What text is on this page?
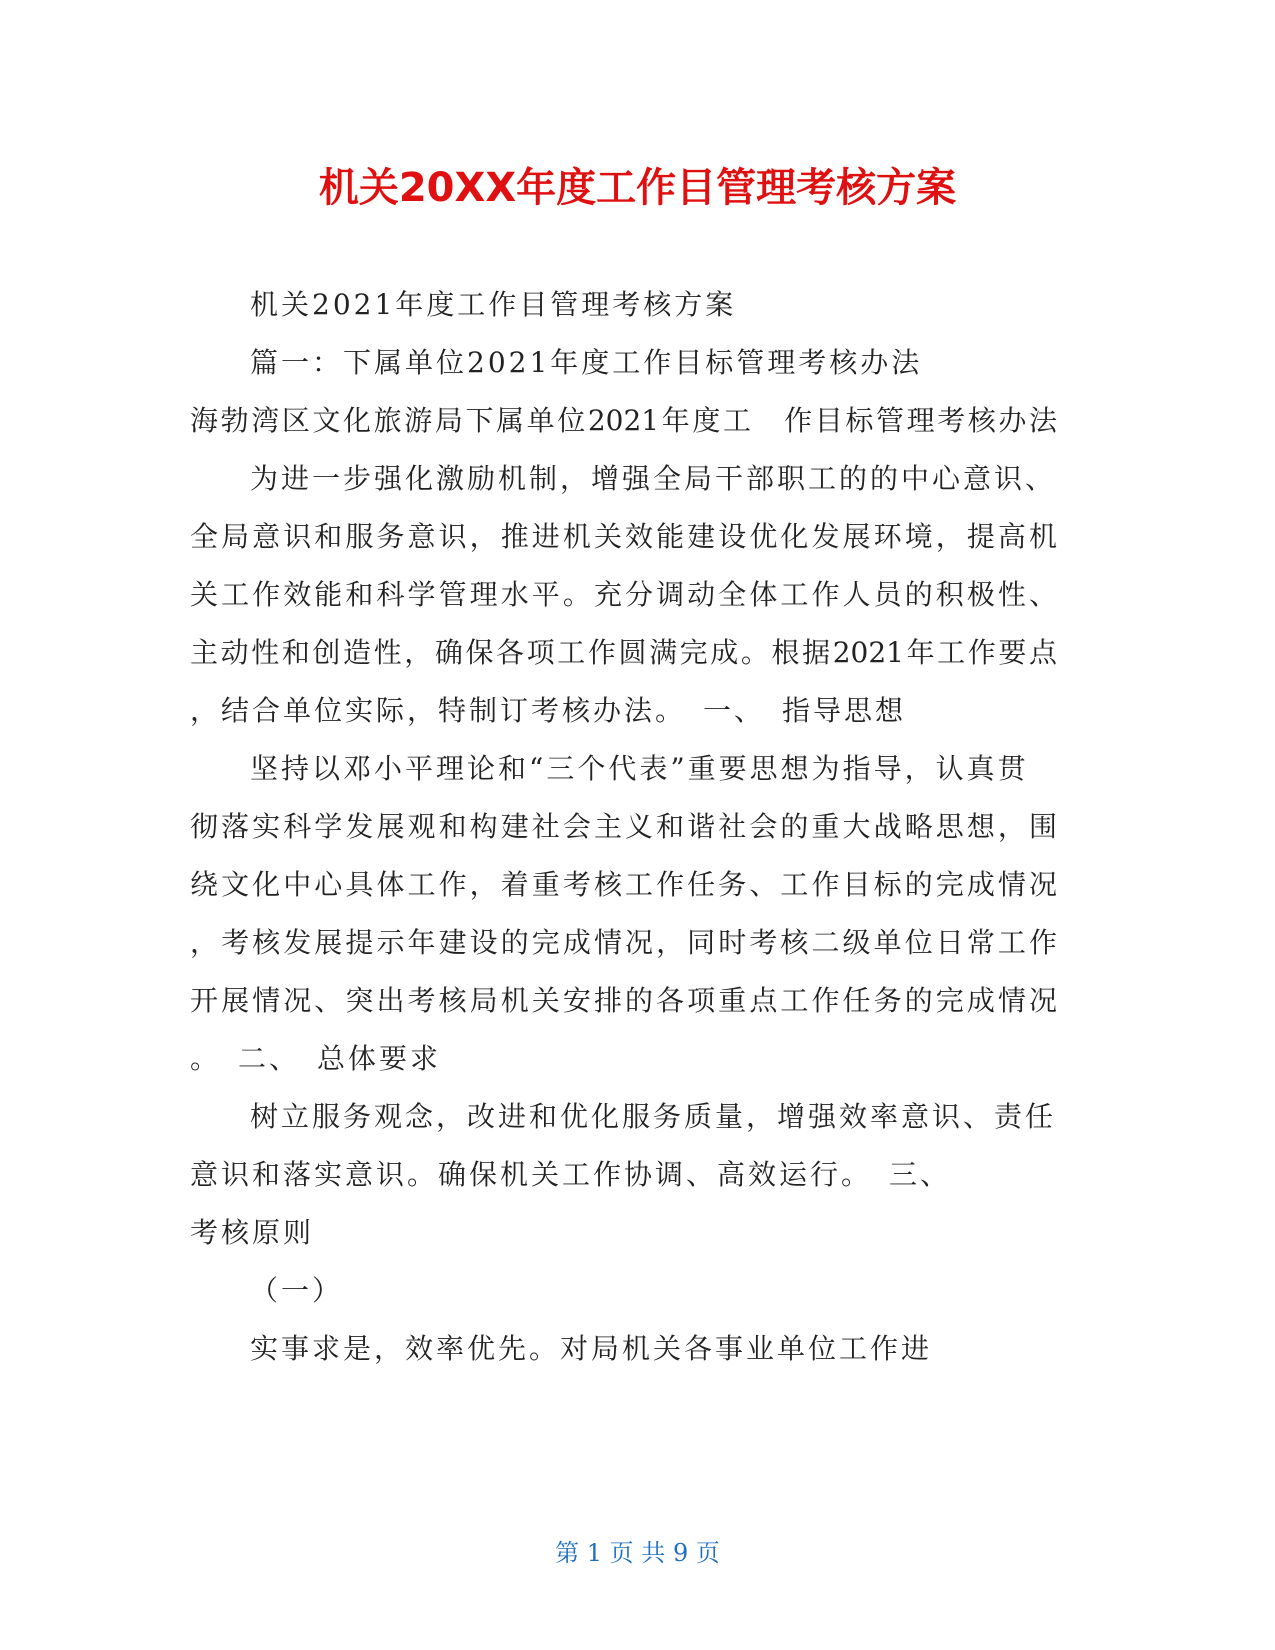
机关20XX年度工作目管理考核方案
机关2021年度工作目管理考核方案
篇一：下属单位2021年度工作目标管理考核办法
海勃湾区文化旅游局下属单位2021年度工　作目标管理考核办法
为进一步强化激励机制，增强全局干部职工的的中心意识、
全局意识和服务意识，推进机关效能建设优化发展环境，提高机
关工作效能和科学管理水平。充分调动全体工作人员的积极性、
主动性和创造性，确保各项工作圆满完成。根据2021年工作要点
，结合单位实际，特制订考核办法。　一、　指导思想
坚持以邓小平理论和“三个代表”重要思想为指导，认真贯
彻落实科学发展观和构建社会主义和谐社会的重大战略思想，围
绕文化中心具体工作，着重考核工作任务、工作目标的完成情况
，考核发展提示年建设的完成情况，同时考核二级单位日常工作
开展情况、突出考核局机关安排的各项重点工作任务的完成情况
。　二、　总体要求
树立服务观念，改进和优化服务质量，增强效率意识、责任
意识和落实意识。确保机关工作协调、高效运行。　三、
考核原则
（一）
实事求是，效率优先。对局机关各事业单位工作进
第 1 页 共 9 页
